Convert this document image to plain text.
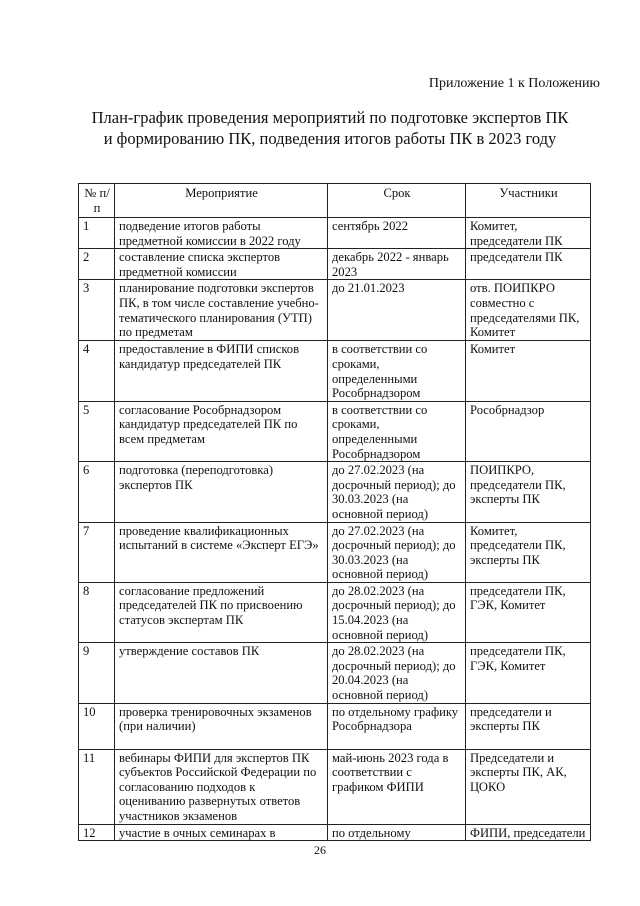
Приложение 1 к Положению
План-график проведения мероприятий по подготовке экспертов ПК
и формированию ПК, подведения итогов работы ПК в 2023 году
№ п/п	Мероприятие	Срок	Участники
1	подведение итогов работы предметной комиссии в 2022 году	сентябрь 2022	Комитет, председатели ПК
2	составление списка экспертов предметной комиссии	декабрь 2022 - январь 2023	председатели ПК
3	планирование подготовки экспертов ПК, в том числе составление учебно-тематического планирования (УТП) по предметам	до 21.01.2023	отв. ПОИПКРО совместно с председателями ПК, Комитет
4	предоставление в ФИПИ списков кандидатур председателей ПК	в соответствии со сроками, определенными Рособрнадзором	Комитет
5	согласование Рособрнадзором кандидатур председателей ПК по всем предметам	в соответствии со сроками, определенными Рособрнадзором	Рособрнадзор
6	подготовка (переподготовка) экспертов ПК	до 27.02.2023 (на досрочный период); до 30.03.2023 (на основной период)	ПОИПКРО, председатели ПК, эксперты ПК
7	проведение квалификационных испытаний в системе «Эксперт ЕГЭ»	до 27.02.2023 (на досрочный период); до 30.03.2023 (на основной период)	Комитет, председатели ПК, эксперты ПК
8	согласование предложений председателей ПК по присвоению статусов экспертам ПК	до 28.02.2023 (на досрочный период); до 15.04.2023 (на основной период)	председатели ПК, ГЭК, Комитет
9	утверждение составов ПК	до 28.02.2023 (на досрочный период); до 20.04.2023 (на основной период)	председатели ПК, ГЭК, Комитет
10	проверка тренировочных экзаменов (при наличии)	по отдельному графику Рособрнадзора	председатели и эксперты ПК
11	вебинары ФИПИ для экспертов ПК субъектов Российской Федерации по согласованию подходов к оцениванию развернутых ответов участников экзаменов	май-июнь 2023 года в соответствии с графиком ФИПИ	Председатели и эксперты ПК, АК, ЦОКО
12	участие в очных семинарах в	по отдельному	ФИПИ, председатели
26
